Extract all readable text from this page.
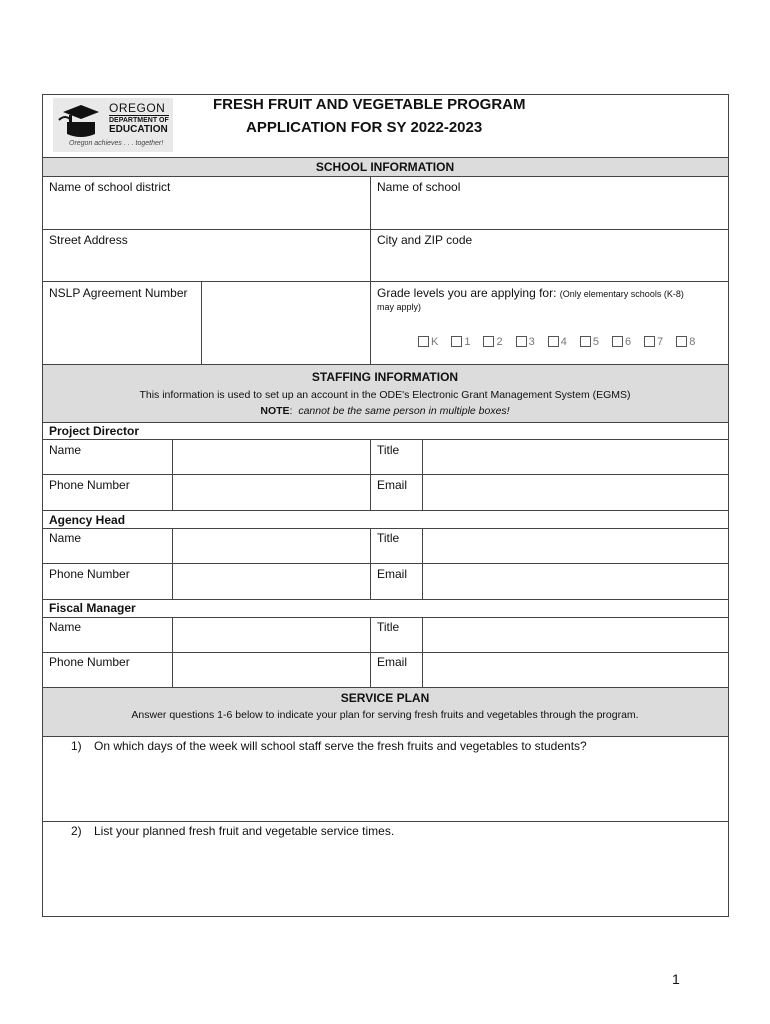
OREGON
DEPARTMENT OF
EDUCATION
Oregon achieves . . . together!
FRESH FRUIT AND VEGETABLE PROGRAM
APPLICATION FOR SY 2022-2023
SCHOOL INFORMATION
Name of school district	Name of school
Street Address	City and ZIP code
NSLP Agreement Number	Grade levels you are applying for: (Only elementary schools (K-8)
may apply)
K 1 2 3 4 5 6 7 8
STAFFING INFORMATION
This information is used to set up an account in the ODE's Electronic Grant Management System (EGMS)
NOTE:  cannot be the same person in multiple boxes!
Project Director
Name	Title
Phone Number	Email
Agency Head
Name	Title
Phone Number	Email
Fiscal Manager
Name	Title
Phone Number	Email
SERVICE PLAN
Answer questions 1-6 below to indicate your plan for serving fresh fruits and vegetables through the program.
1) On which days of the week will school staff serve the fresh fruits and vegetables to students?
2) List your planned fresh fruit and vegetable service times.
1
